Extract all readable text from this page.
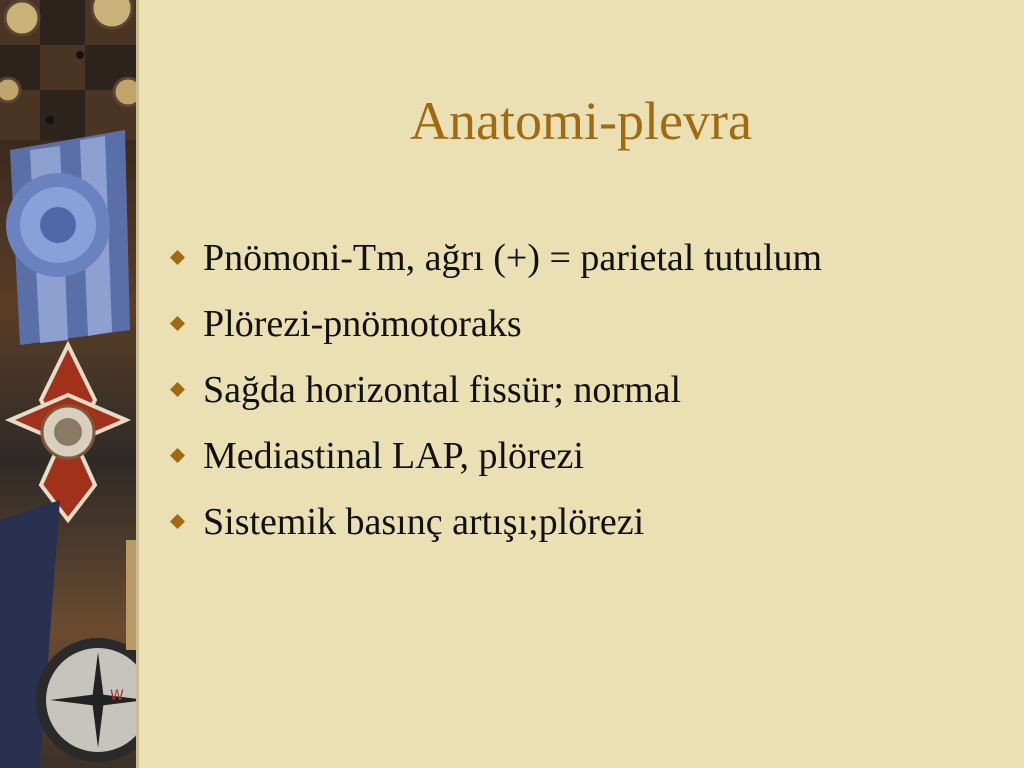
W
Anatomi-plevra
Pnömoni-Tm, ağrı (+) = parietal tutulum
Plörezi-pnömotoraks
Sağda horizontal fissür; normal
Mediastinal LAP, plörezi
Sistemik basınç artışı;plörezi
